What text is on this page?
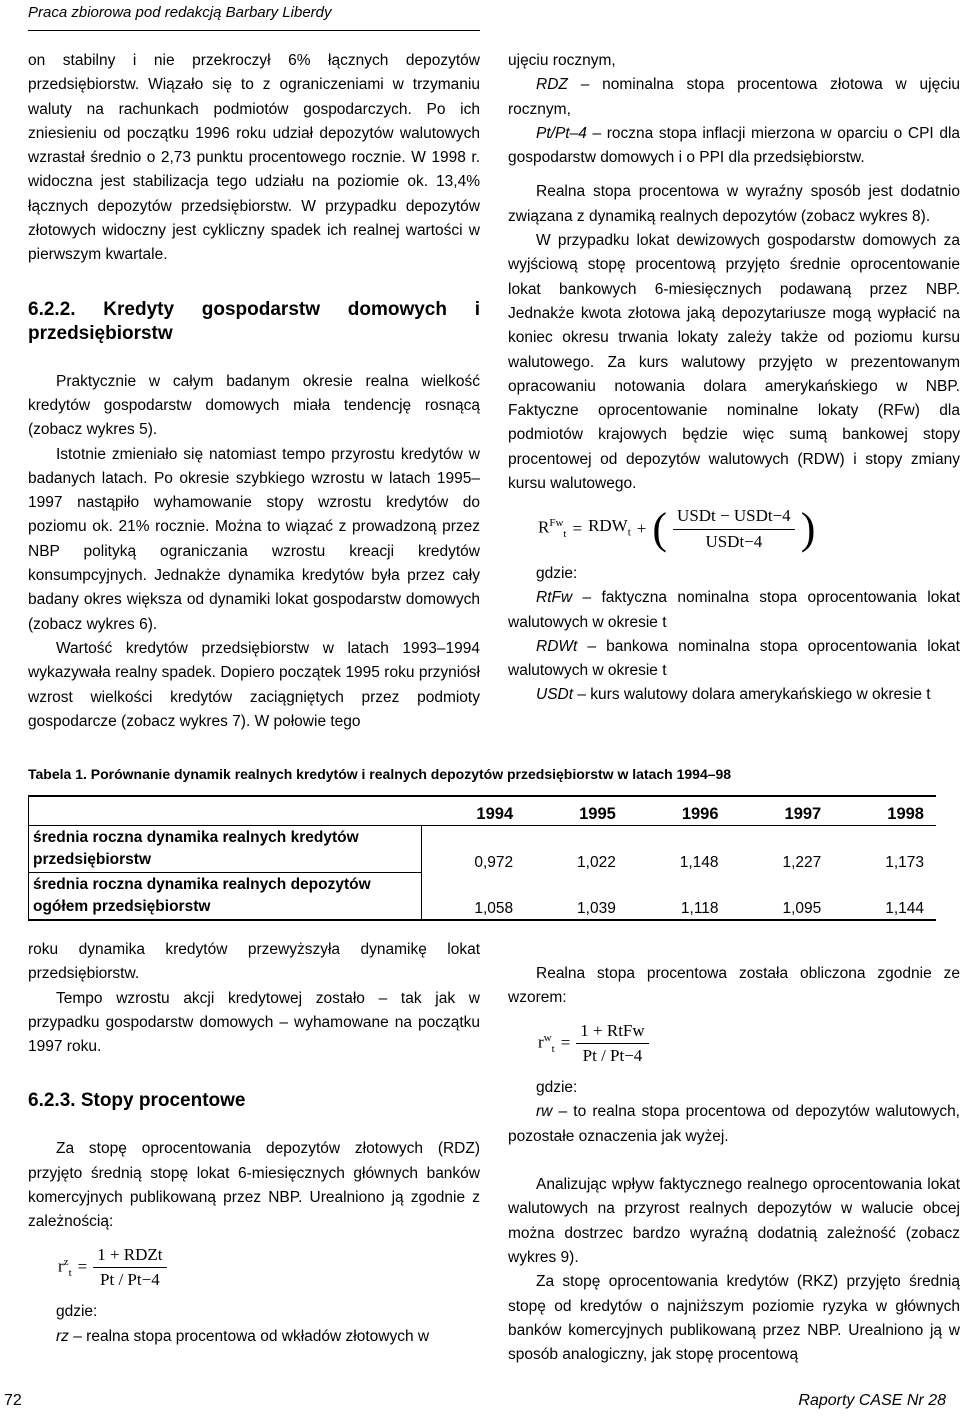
Praca zbiorowa pod redakcją Barbary Liberdy

on stabilny i nie przekroczył 6% łącznych depozytów przedsiębiorstw. Wiązało się to z ograniczeniami w trzymaniu waluty na rachunkach podmiotów gospodarczych. Po ich zniesieniu od początku 1996 roku udział depozytów walutowych wzrastał średnio o 2,73 punktu procentowego rocznie. W 1998 r. widoczna jest stabilizacja tego udziału na poziomie ok. 13,4% łącznych depozytów przedsiębiorstw. W przypadku depozytów złotowych widoczny jest cykliczny spadek ich realnej wartości w pierwszym kwartale.

6.2.2. Kredyty gospodarstw domowych i przedsiębiorstw

Praktycznie w całym badanym okresie realna wielkość kredytów gospodarstw domowych miała tendencję rosnącą (zobacz wykres 5).

Istotnie zmieniało się natomiast tempo przyrostu kredytów w badanych latach. Po okresie szybkiego wzrostu w latach 1995–1997 nastąpiło wyhamowanie stopy wzrostu kredytów do poziomu ok. 21% rocznie. Można to wiązać z prowadzoną przez NBP polityką ograniczania wzrostu kreacji kredytów konsumpcyjnych. Jednakże dynamika kredytów była przez cały badany okres większa od dynamiki lokat gospodarstw domowych (zobacz wykres 6).

Wartość kredytów przedsiębiorstw w latach 1993–1994 wykazywała realny spadek. Dopiero początek 1995 roku przyniósł wzrost wielkości kredytów zaciągniętych przez podmioty gospodarcze (zobacz wykres 7). W połowie tego

ujęciu rocznym,

RDZ – nominalna stopa procentowa złotowa w ujęciu rocznym,

Pt/Pt–4 – roczna stopa inflacji mierzona w oparciu o CPI dla gospodarstw domowych i o PPI dla przedsiębiorstw.

Realna stopa procentowa w wyraźny sposób jest dodatnio związana z dynamiką realnych depozytów (zobacz wykres 8).

W przypadku lokat dewizowych gospodarstw domowych za wyjściową stopę procentową przyjęto średnie oprocentowanie lokat bankowych 6-miesięcznych podawaną przez NBP. Jednakże kwota złotowa jaką depozytariusze mogą wypłacić na koniec okresu trwania lokaty zależy także od poziomu kursu walutowego. Za kurs walutowy przyjęto w prezentowanym opracowaniu notowania dolara amerykańskiego w NBP. Faktyczne oprocentowanie nominalne lokaty (RFw) dla podmiotów krajowych będzie więc sumą bankowej stopy procentowej od depozytów walutowych (RDW) i stopy zmiany kursu walutowego.

$R^{Fw}_t = RDW_t$ + ( $\frac{\text{USDt − USDt−4}}{\text{USDt−4}}$ )

gdzie:

RtFw – faktyczna nominalna stopa oprocentowania lokat walutowych w okresie t

RDWt – bankowa nominalna stopa oprocentowania lokat walutowych w okresie t

USDt – kurs walutowy dolara amerykańskiego w okresie t

Tabela 1. Porównanie dynamik realnych kredytów i realnych depozytów przedsiębiorstw w latach 1994–98
	1994	1995	1996	1997	1998
średnia roczna dynamika realnych kredytów przedsiębiorstw	0,972	1,022	1,148	1,227	1,173
średnia roczna dynamika realnych depozytów ogółem przedsiębiorstw	1,058	1,039	1,118	1,095	1,144

roku dynamika kredytów przewyższyła dynamikę lokat przedsiębiorstw.

Tempo wzrostu akcji kredytowej zostało – tak jak w przypadku gospodarstw domowych – wyhamowane na początku 1997 roku.

6.2.3. Stopy procentowe

Za stopę oprocentowania depozytów złotowych (RDZ) przyjęto średnią stopę lokat 6-miesięcznych głównych banków komercyjnych publikowaną przez NBP. Urealniono ją zgodnie z zależnością:

$r^z_t = \frac{\text{1 + RDZt}}{Pt / Pt-4}$

gdzie:

rz – realna stopa procentowa od wkładów złotowych w

Realna stopa procentowa została obliczona zgodnie ze wzorem:

$r^w_t = \frac{\text{1 + RtFw}}{Pt / Pt-4}$

gdzie:

rw – to realna stopa procentowa od depozytów walutowych, pozostałe oznaczenia jak wyżej.

Analizując wpływ faktycznego realnego oprocentowania lokat walutowych na przyrost realnych depozytów w walucie obcej można dostrzec bardzo wyraźną dodatnią zależność (zobacz wykres 9).

Za stopę oprocentowania kredytów (RKZ) przyjęto średnią stopę od kredytów o najniższym poziomie ryzyka w głównych banków komercyjnych publikowaną przez NBP. Urealniono ją w sposób analogiczny, jak stopę procentową

72	Raporty CASE Nr 28
